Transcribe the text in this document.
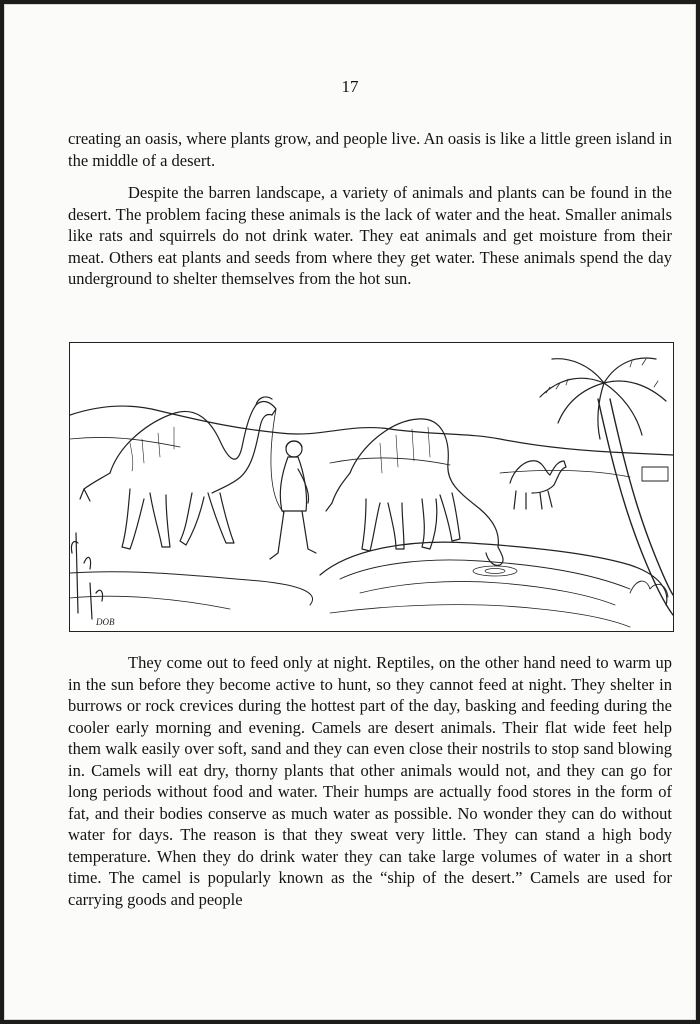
17

creating an oasis, where plants grow, and people live. An oasis is like a little green island in the middle of a desert.

Despite the barren landscape, a variety of animals and plants can be found in the desert. The problem facing these animals is the lack of water and the heat. Smaller animals like rats and squirrels do not drink water. They eat animals and get moisture from their meat. Others eat plants and seeds from where they get water. These animals spend the day underground to shelter themselves from the hot sun.

DOB

They come out to feed only at night. Reptiles, on the other hand need to warm up in the sun before they become active to hunt, so they cannot feed at night. They shelter in burrows or rock crevices during the hottest part of the day, basking and feeding during the cooler early morning and evening. Camels are desert animals. Their flat wide feet help them walk easily over soft, sand and they can even close their nostrils to stop sand blowing in. Camels will eat dry, thorny plants that other animals would not, and they can go for long periods without food and water. Their humps are actually food stores in the form of fat, and their bodies conserve as much water as possible. No wonder they can do without water for days. The reason is that they sweat very little. They can stand a high body temperature. When they do drink water they can take large volumes of water in a short time. The camel is popularly known as the “ship of the desert.” Camels are used for carrying goods and people
